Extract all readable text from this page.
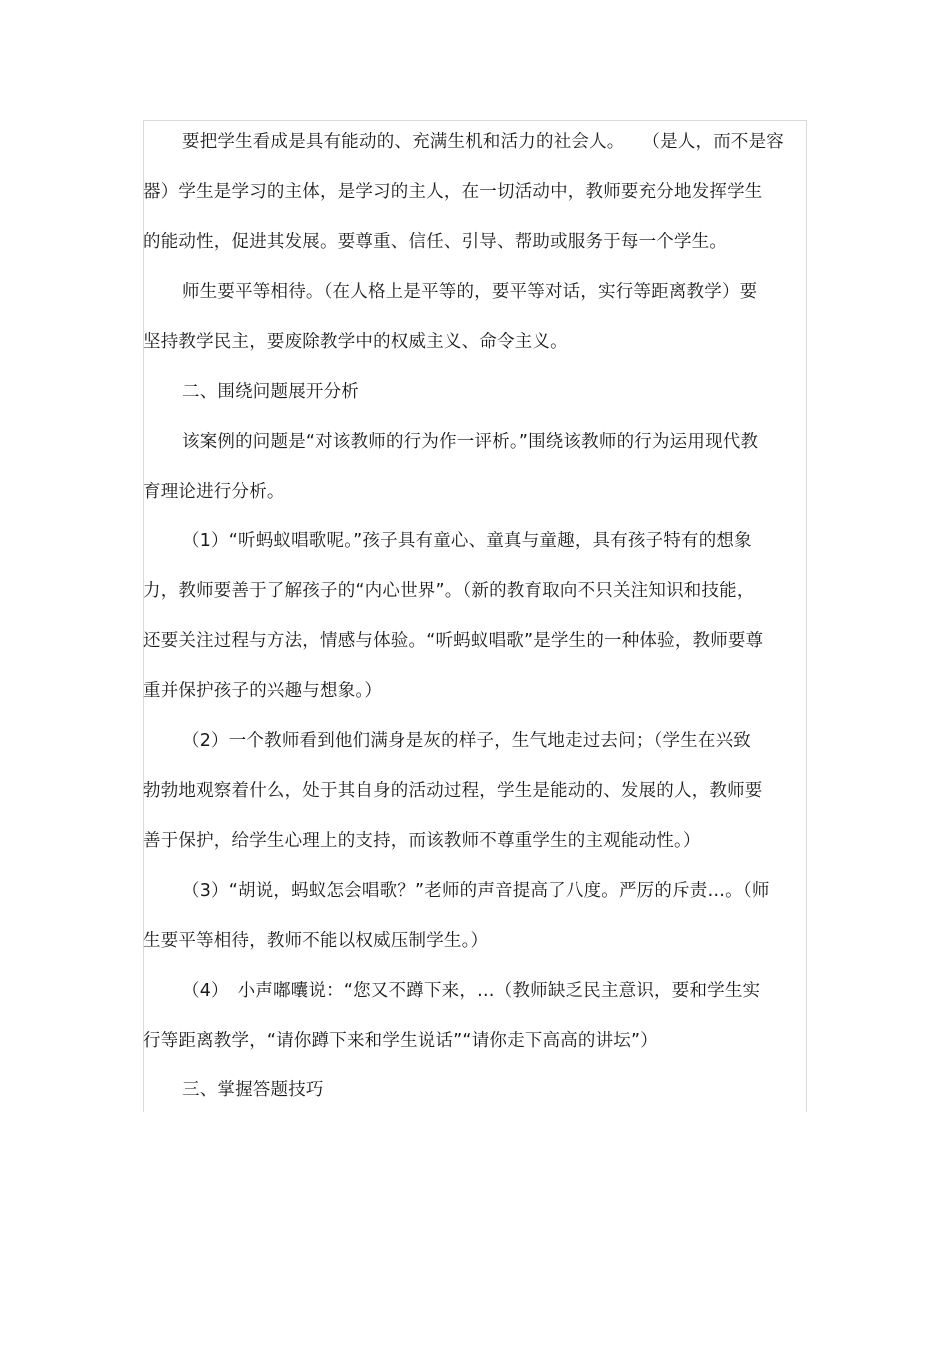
要把学生看成是具有能动的、充满生机和活力的社会人。　　（是人，而不是容
器）学生是学习的主体，是学习的主人，在一切活动中，教师要充分地发挥学生
的能动性，促进其发展。要尊重、信任、引导、帮助或服务于每一个学生。
师生要平等相待。（在人格上是平等的，要平等对话，实行等距离教学）要
坚持教学民主，要废除教学中的权威主义、命令主义。
二、围绕问题展开分析
该案例的问题是“对该教师的行为作一评析。”围绕该教师的行为运用现代教
育理论进行分析。
（1）“听蚂蚁唱歌呢。”孩子具有童心、童真与童趣，具有孩子特有的想象
力，教师要善于了解孩子的“内心世界”。（新的教育取向不只关注知识和技能，
还要关注过程与方法，情感与体验。“听蚂蚁唱歌”是学生的一种体验，教师要尊
重并保护孩子的兴趣与想象。）
（2）一个教师看到他们满身是灰的样子，生气地走过去问；（学生在兴致
勃勃地观察着什么，处于其自身的活动过程，学生是能动的、发展的人，教师要
善于保护，给学生心理上的支持，而该教师不尊重学生的主观能动性。）
（3）“胡说，蚂蚁怎会唱歌？”老师的声音提高了八度。严厉的斥责…。（师
生要平等相待，教师不能以权威压制学生。）
（4）　小声嘟囔说：“您又不蹲下来，…（教师缺乏民主意识，要和学生实
行等距离教学，“请你蹲下来和学生说话”“请你走下高高的讲坛”）
三、掌握答题技巧
